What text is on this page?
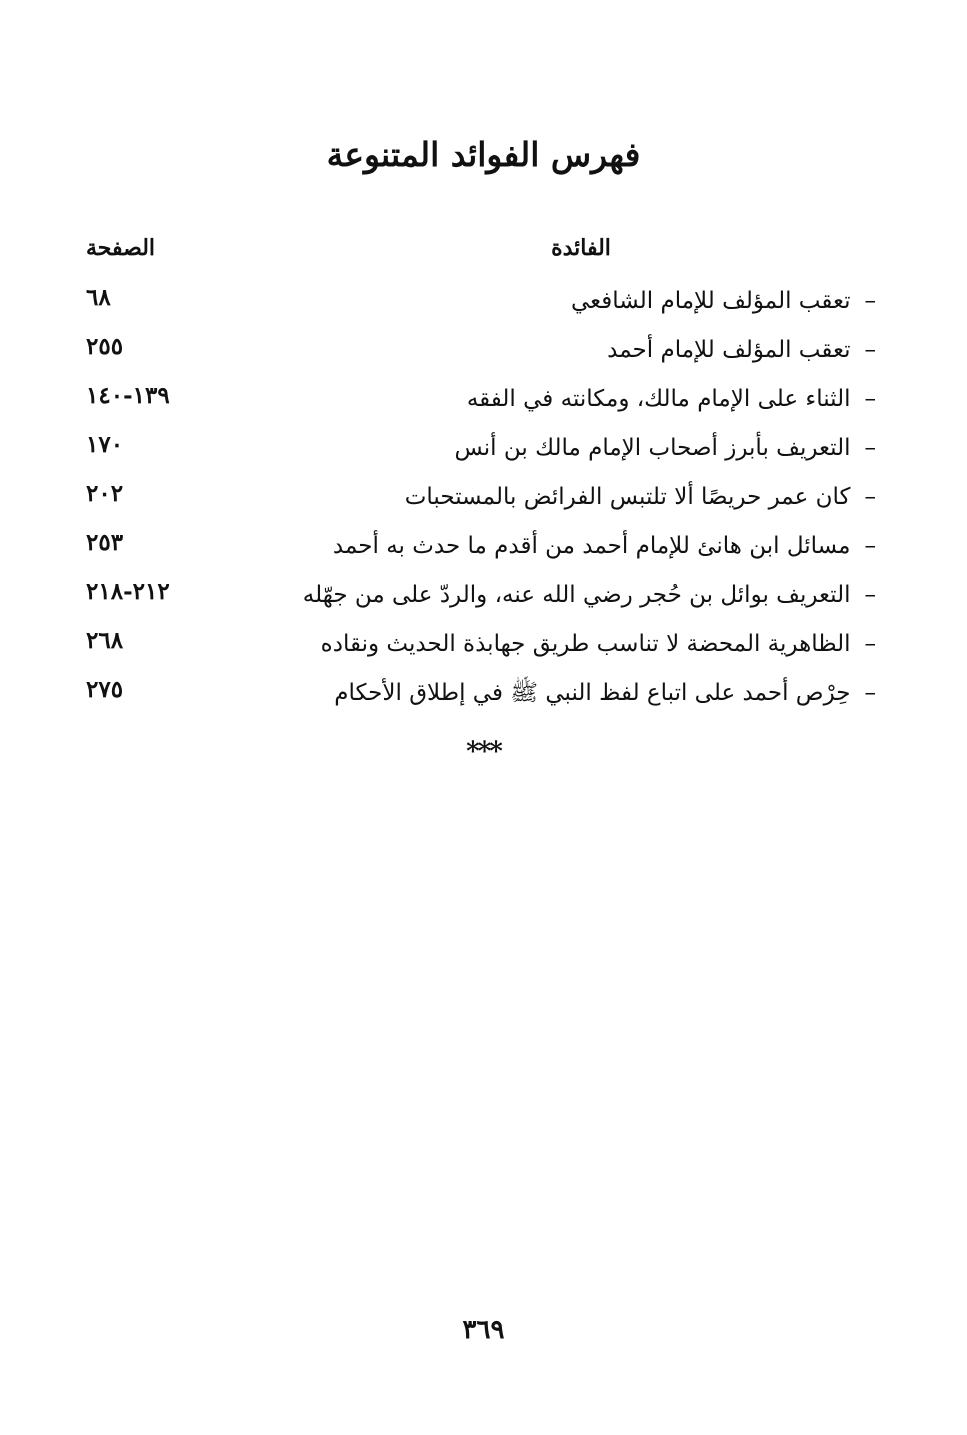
فهرس الفوائد المتنوعة
الفائدة
الصفحة
–تعقب المؤلف للإمام الشافعي
٦٨
–تعقب المؤلف للإمام أحمد
٢٥٥
–الثناء على الإمام مالك، ومكانته في الفقه
١٣٩-١٤٠
–التعريف بأبرز أصحاب الإمام مالك بن أنس
١٧٠
–كان عمر حريصًا ألا تلتبس الفرائض بالمستحبات
٢٠٢
–مسائل ابن هانئ للإمام أحمد من أقدم ما حدث به أحمد
٢٥٣
–التعريف بوائل بن حُجر رضي الله عنه، والردّ على من جهّله
٢١٢-٢١٨
–الظاهرية المحضة لا تناسب طريق جهابذة الحديث ونقاده
٢٦٨
–حِرْص أحمد على اتباع لفظ النبي ﷺ في إطلاق الأحكام
٢٧٥
***
٣٦٩
